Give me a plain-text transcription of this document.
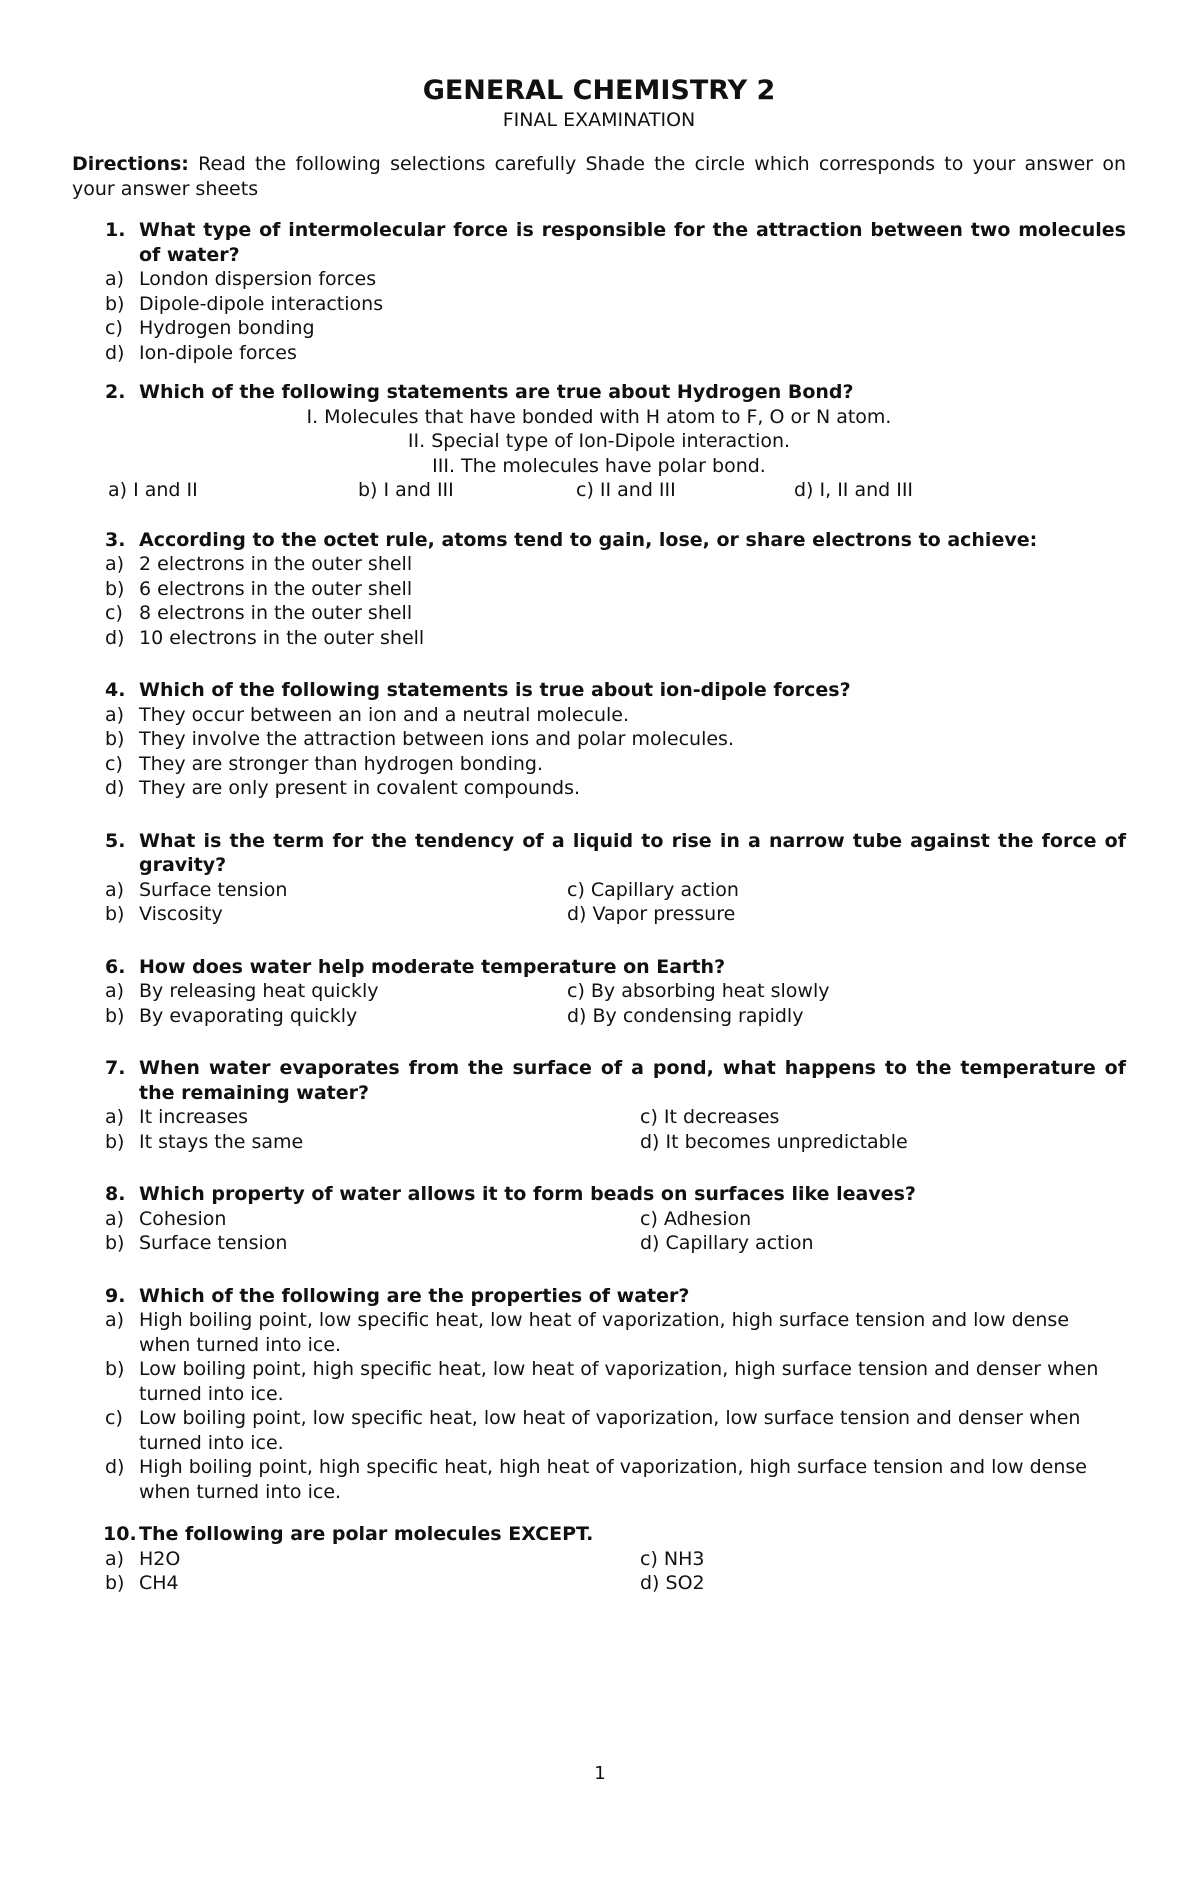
GENERAL CHEMISTRY 2
FINAL EXAMINATION

Directions: Read the following selections carefully Shade the circle which corresponds to your answer on your answer sheets

1. What type of intermolecular force is responsible for the attraction between two molecules of water?
a) London dispersion forces
b) Dipole-dipole interactions
c) Hydrogen bonding
d) Ion-dipole forces
2. Which of the following statements are true about Hydrogen Bond?
I. Molecules that have bonded with H atom to F, O or N atom.
II. Special type of Ion-Dipole interaction.
III. The molecules have polar bond.
a) I and II	b) I and III	c) II and III	d) I, II and III
3. According to the octet rule, atoms tend to gain, lose, or share electrons to achieve:
a) 2 electrons in the outer shell
b) 6 electrons in the outer shell
c) 8 electrons in the outer shell
d) 10 electrons in the outer shell
4. Which of the following statements is true about ion-dipole forces?
a) They occur between an ion and a neutral molecule.
b) They involve the attraction between ions and polar molecules.
c) They are stronger than hydrogen bonding.
d) They are only present in covalent compounds.
5. What is the term for the tendency of a liquid to rise in a narrow tube against the force of gravity?
a) Surface tension	c) Capillary action
b) Viscosity	d) Vapor pressure
6. How does water help moderate temperature on Earth?
a) By releasing heat quickly	c) By absorbing heat slowly
b) By evaporating quickly	d) By condensing rapidly
7. When water evaporates from the surface of a pond, what happens to the temperature of the remaining water?
a) It increases	c) It decreases
b) It stays the same	d) It becomes unpredictable
8. Which property of water allows it to form beads on surfaces like leaves?
a) Cohesion	c) Adhesion
b) Surface tension	d) Capillary action
9. Which of the following are the properties of water?
a) High boiling point, low specific heat, low heat of vaporization, high surface tension and low dense when turned into ice.
b) Low boiling point, high specific heat, low heat of vaporization, high surface tension and denser when turned into ice.
c) Low boiling point, low specific heat, low heat of vaporization, low surface tension and denser when turned into ice.
d) High boiling point, high specific heat, high heat of vaporization, high surface tension and low dense when turned into ice.
10. The following are polar molecules EXCEPT.
a) H2O	c) NH3
b) CH4	d) SO2
1
